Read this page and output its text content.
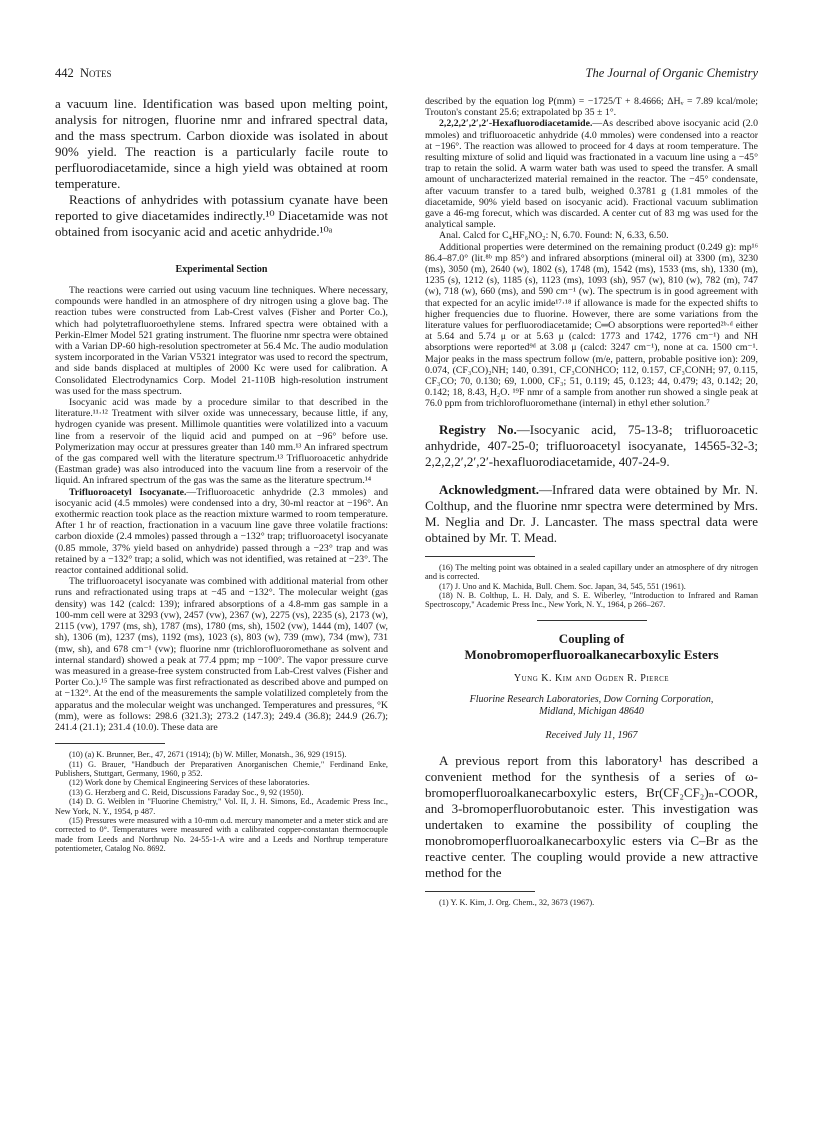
442 Notes	The Journal of Organic Chemistry

a vacuum line. Identification was based upon melting point, analysis for nitrogen, fluorine nmr and infrared spectral data, and the mass spectrum. Carbon dioxide was isolated in about 90% yield. The reaction is a particularly facile route to perfluorodiacetamide, since a high yield was obtained at room temperature.

Reactions of anhydrides with potassium cyanate have been reported to give diacetamides indirectly.¹⁰ Diacetamide was not obtained from isocyanic acid and acetic anhydride.¹⁰ᵃ

Experimental Section

The reactions were carried out using vacuum line techniques. Where necessary, compounds were handled in an atmosphere of dry nitrogen using a glove bag. The reaction tubes were constructed from Lab-Crest valves (Fisher and Porter Co.), which had polytetrafluoroethylene stems. Infrared spectra were obtained with a Perkin-Elmer Model 521 grating instrument. The fluorine nmr spectra were obtained with a Varian DP-60 high-resolution spectrometer at 56.4 Mc. The audio modulation system incorporated in the Varian V5321 integrator was used to record the spectrum, and side bands displaced at multiples of 2000 Kc were used for calibration. A Consolidated Electrodynamics Corp. Model 21-110B high-resolution instrument was used for the mass spectrum.

Isocyanic acid was made by a procedure similar to that described in the literature.¹¹·¹² Treatment with silver oxide was unnecessary, because little, if any, hydrogen cyanide was present. Millimole quantities were volatilized into a vacuum line from a reservoir of the liquid acid and pumped on at −96° before use. Polymerization may occur at pressures greater than 140 mm.¹³ An infrared spectrum of the gas compared well with the literature spectrum.¹³ Trifluoroacetic anhydride (Eastman grade) was also introduced into the vacuum line from a reservoir of the liquid. An infrared spectrum of the gas was the same as the literature spectrum.¹⁴

Trifluoroacetyl Isocyanate.—Trifluoroacetic anhydride (2.3 mmoles) and isocyanic acid (4.5 mmoles) were condensed into a dry, 30-ml reactor at −196°. An exothermic reaction took place as the reaction mixture warmed to room temperature. After 1 hr of reaction, fractionation in a vacuum line gave three volatile fractions: carbon dioxide (2.4 mmoles) passed through a −132° trap; trifluoroacetyl isocyanate (0.85 mmole, 37% yield based on anhydride) passed through a −23° trap and was retained by a −132° trap; a solid, which was not identified, was retained at −23°. The reactor contained additional solid.

The trifluoroacetyl isocyanate was combined with additional material from other runs and refractionated using traps at −45 and −132°. The molecular weight (gas density) was 142 (calcd: 139); infrared absorptions of a 4.8-mm gas sample in a 100-mm cell were at 3293 (vw), 2457 (vw), 2367 (w), 2275 (vs), 2235 (s), 2173 (w), 2115 (vw), 1797 (ms, sh), 1787 (ms), 1780 (ms, sh), 1502 (vw), 1444 (m), 1407 (w, sh), 1306 (m), 1237 (ms), 1192 (ms), 1023 (s), 803 (w), 739 (mw), 734 (mw), 731 (mw, sh), and 678 cm⁻¹ (vw); fluorine nmr (trichlorofluoromethane as solvent and internal standard) showed a peak at 77.4 ppm; mp −100°. The vapor pressure curve was measured in a grease-free system constructed from Lab-Crest valves (Fisher and Porter Co.).¹⁵ The sample was first refractionated as described above and pumped on at −132°. At the end of the measurements the sample volatilized completely from the apparatus and the molecular weight was unchanged. Temperatures and pressures, °K (mm), were as follows: 298.6 (321.3); 273.2 (147.3); 249.4 (36.8); 244.9 (26.7); 241.4 (21.1); 231.4 (10.0). These data are

(10) (a) K. Brunner, Ber., 47, 2671 (1914); (b) W. Miller, Monatsh., 36, 929 (1915).

(11) G. Brauer, "Handbuch der Preparativen Anorganischen Chemie," Ferdinand Enke, Publishers, Stuttgart, Germany, 1960, p 352.

(12) Work done by Chemical Engineering Services of these laboratories.

(13) G. Herzberg and C. Reid, Discussions Faraday Soc., 9, 92 (1950).

(14) D. G. Weiblen in "Fluorine Chemistry," Vol. II, J. H. Simons, Ed., Academic Press Inc., New York, N. Y., 1954, p 487.

(15) Pressures were measured with a 10-mm o.d. mercury manometer and a meter stick and are corrected to 0°. Temperatures were measured with a calibrated copper-constantan thermocouple made from Leeds and Northrup No. 24-55-1-A wire and a Leeds and Northrup temperature potentiometer, Catalog No. 8692.

described by the equation log P(mm) = −1725/T + 8.4666; ΔHᵥ = 7.89 kcal/mole; Trouton's constant 25.6; extrapolated bp 35 ± 1°.

2,2,2,2′,2′,2′-Hexafluorodiacetamide.—As described above isocyanic acid (2.0 mmoles) and trifluoroacetic anhydride (4.0 mmoles) were condensed into a reactor at −196°. The reaction was allowed to proceed for 4 days at room temperature. The resulting mixture of solid and liquid was fractionated in a vacuum line using a −45° trap to retain the solid. A warm water bath was used to speed the transfer. A small amount of uncharacterized material remained in the reactor. The −45° condensate, after vacuum transfer to a tared bulb, weighed 0.3781 g (1.81 mmoles of the diacetamide, 90% yield based on isocyanic acid). Fractional vacuum sublimation gave a 46-mg forecut, which was discarded. A center cut of 83 mg was used for the analytical sample.

Anal. Calcd for C₄HF₆NO₂: N, 6.70. Found: N, 6.33, 6.50.

Additional properties were determined on the remaining product (0.249 g): mp¹⁶ 86.4–87.0° (lit.⁸ᵇ mp 85°) and infrared absorptions (mineral oil) at 3300 (m), 3230 (ms), 3050 (m), 2640 (w), 1802 (s), 1748 (m), 1542 (ms), 1533 (ms, sh), 1330 (m), 1235 (s), 1212 (s), 1185 (s), 1123 (ms), 1093 (sh), 957 (w), 810 (w), 782 (m), 747 (w), 718 (w), 660 (ms), and 590 cm⁻¹ (w). The spectrum is in good agreement with that expected for an acylic imide¹⁷·¹⁸ if allowance is made for the expected shifts to higher frequencies due to fluorine. However, there are some variations from the literature values for perfluorodiacetamide; C═O absorptions were reported²ᵇ·ᵈ either at 5.64 and 5.74 μ or at 5.63 μ (calcd: 1773 and 1742, 1776 cm⁻¹) and NH absorptions were reported⁹ᵈ at 3.08 μ (calcd: 3247 cm⁻¹), none at ca. 1500 cm⁻¹. Major peaks in the mass spectrum follow (m/e, pattern, probable positive ion): 209, 0.074, (CF₃CO)₂NH; 140, 0.391, CF₃CONHCO; 112, 0.157, CF₃CONH; 97, 0.115, CF₃CO; 70, 0.130; 69, 1.000, CF₃; 51, 0.119; 45, 0.123; 44, 0.479; 43, 0.142; 20, 0.142; 18, 8.43, H₂O. ¹⁹F nmr of a sample from another run showed a single peak at 76.0 ppm from trichlorofluoromethane (internal) in ethyl ether solution.⁷

Registry No.—Isocyanic acid, 75-13-8; trifluoroacetic anhydride, 407-25-0; trifluoroacetyl isocyanate, 14565-32-3; 2,2,2,2′,2′,2′-hexafluorodiacetamide, 407-24-9.

Acknowledgment.—Infrared data were obtained by Mr. N. Colthup, and the fluorine nmr spectra were determined by Mrs. M. Neglia and Dr. J. Lancaster. The mass spectral data were obtained by Mr. T. Mead.

(16) The melting point was obtained in a sealed capillary under an atmosphere of dry nitrogen and is corrected.

(17) J. Uno and K. Machida, Bull. Chem. Soc. Japan, 34, 545, 551 (1961).

(18) N. B. Colthup, L. H. Daly, and S. E. Wiberley, "Introduction to Infrared and Raman Spectroscopy," Academic Press Inc., New York, N. Y., 1964, p 266–267.

Coupling of
Monobromoperfluoroalkanecarboxylic Esters
Yung K. Kim and Ogden R. Pierce
Fluorine Research Laboratories, Dow Corning Corporation,
Midland, Michigan 48640
Received July 11, 1967

A previous report from this laboratory¹ has described a convenient method for the synthesis of a series of ω-bromoperfluoroalkanecarboxylic esters, Br(CF₂CF₂)ₙ-COOR, and 3-bromoperfluorobutanoic ester. This investigation was undertaken to examine the possibility of coupling the monobromoperfluoroalkanecarboxylic esters via C–Br as the reactive center. The coupling would provide a new attractive method for the

(1) Y. K. Kim, J. Org. Chem., 32, 3673 (1967).
